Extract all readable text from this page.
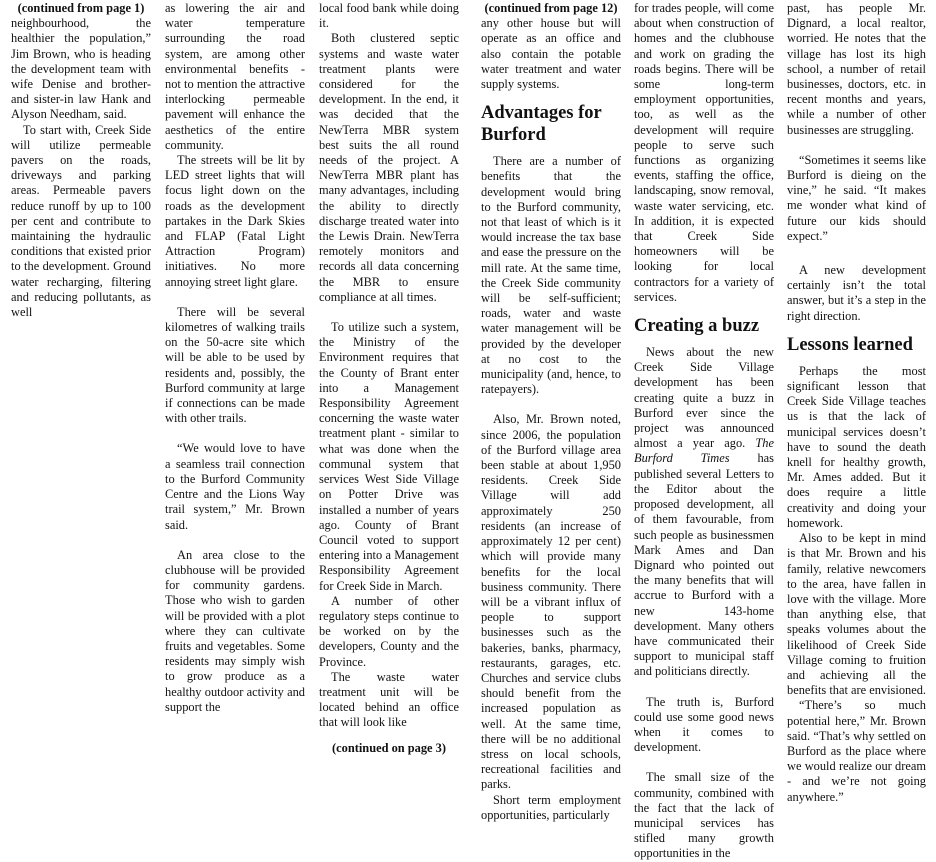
(continued from page 1)

neighbourhood, the healthier the population,” Jim Brown, who is heading the development team with wife Denise and brother- and sister-in law Hank and Alyson Needham, said.

To start with, Creek Side will utilize permeable pavers on the roads, driveways and parking areas. Permeable pavers reduce runoff by up to 100 per cent and contribute to maintaining the hydraulic conditions that existed prior to the development. Ground water recharging, filtering and reducing pollutants, as well

as lowering the air and water temperature surrounding the road system, are among other environmental benefits - not to mention the attractive interlocking permeable pavement will enhance the aesthetics of the entire community.

The streets will be lit by LED street lights that will focus light down on the roads as the development partakes in the Dark Skies and FLAP (Fatal Light Attraction Program) initiatives. No more annoying street light glare.

There will be several kilometres of walking trails on the 50-acre site which will be able to be used by residents and, possibly, the Burford community at large if connections can be made with other trails.

“We would love to have a seamless trail connection to the Burford Community Centre and the Lions Way trail system,” Mr. Brown said.

An area close to the clubhouse will be provided for community gardens. Those who wish to garden will be provided with a plot where they can cultivate fruits and vegetables. Some residents may simply wish to grow produce as a healthy outdoor activity and support the

local food bank while doing it.

Both clustered septic systems and waste water treatment plants were considered for the development. In the end, it was decided that the NewTerra MBR system best suits the all round needs of the project. A NewTerra MBR plant has many advantages, including the ability to directly discharge treated water into the Lewis Drain. NewTerra remotely monitors and records all data concerning the MBR to ensure compliance at all times.

To utilize such a system, the Ministry of the Environment requires that the County of Brant enter into a Management Responsibility Agreement concerning the waste water treatment plant - similar to what was done when the communal system that services West Side Village on Potter Drive was installed a number of years ago. County of Brant Council voted to support entering into a Management Responsibility Agreement for Creek Side in March.

A number of other regulatory steps continue to be worked on by the developers, County and the Province.

The waste water treatment unit will be located behind an office that will look like

(continued on page 3)

(continued from page 12)

any other house but will operate as an office and also contain the potable water treatment and water supply systems.

Advantages for Burford

There are a number of benefits that the development would bring to the Burford community, not that least of which is it would increase the tax base and ease the pressure on the mill rate. At the same time, the Creek Side community will be self-sufficient; roads, water and waste water management will be provided by the developer at no cost to the municipality (and, hence, to ratepayers).

Also, Mr. Brown noted, since 2006, the population of the Burford village area been stable at about 1,950 residents. Creek Side Village will add approximately 250 residents (an increase of approximately 12 per cent) which will provide many benefits for the local business community. There will be a vibrant influx of people to support businesses such as the bakeries, banks, pharmacy, restaurants, garages, etc. Churches and service clubs should benefit from the increased population as well. At the same time, there will be no additional stress on local schools, recreational facilities and parks.

Short term employment opportunities, particularly

for trades people, will come about when construction of homes and the clubhouse and work on grading the roads begins. There will be some long-term employment opportunities, too, as well as the development will require people to serve such functions as organizing events, staffing the office, landscaping, snow removal, waste water servicing, etc. In addition, it is expected that Creek Side homeowners will be looking for local contractors for a variety of services.

Creating a buzz

News about the new Creek Side Village development has been creating quite a buzz in Burford ever since the project was announced almost a year ago. The Burford Times has published several Letters to the Editor about the proposed development, all of them favourable, from such people as businessmen Mark Ames and Dan Dignard who pointed out the many benefits that will accrue to Burford with a new 143-home development. Many others have communicated their support to municipal staff and politicians directly.

The truth is, Burford could use some good news when it comes to development.

The small size of the community, combined with the fact that the lack of municipal services has stifled many growth opportunities in the

past, has people Mr. Dignard, a local realtor, worried. He notes that the village has lost its high school, a number of retail businesses, doctors, etc. in recent months and years, while a number of other businesses are struggling.

“Sometimes it seems like Burford is dieing on the vine,” he said. “It makes me wonder what kind of future our kids should expect.”

A new development certainly isn’t the total answer, but it’s a step in the right direction.

Lessons learned

Perhaps the most significant lesson that Creek Side Village teaches us is that the lack of municipal services doesn’t have to sound the death knell for healthy growth, Mr. Ames added. But it does require a little creativity and doing your homework.

Also to be kept in mind is that Mr. Brown and his family, relative newcomers to the area, have fallen in love with the village. More than anything else, that speaks volumes about the likelihood of Creek Side Village coming to fruition and achieving all the benefits that are envisioned.

“There’s so much potential here,” Mr. Brown said. “That’s why settled on Burford as the place where we would realize our dream - and we’re not going anywhere.”
